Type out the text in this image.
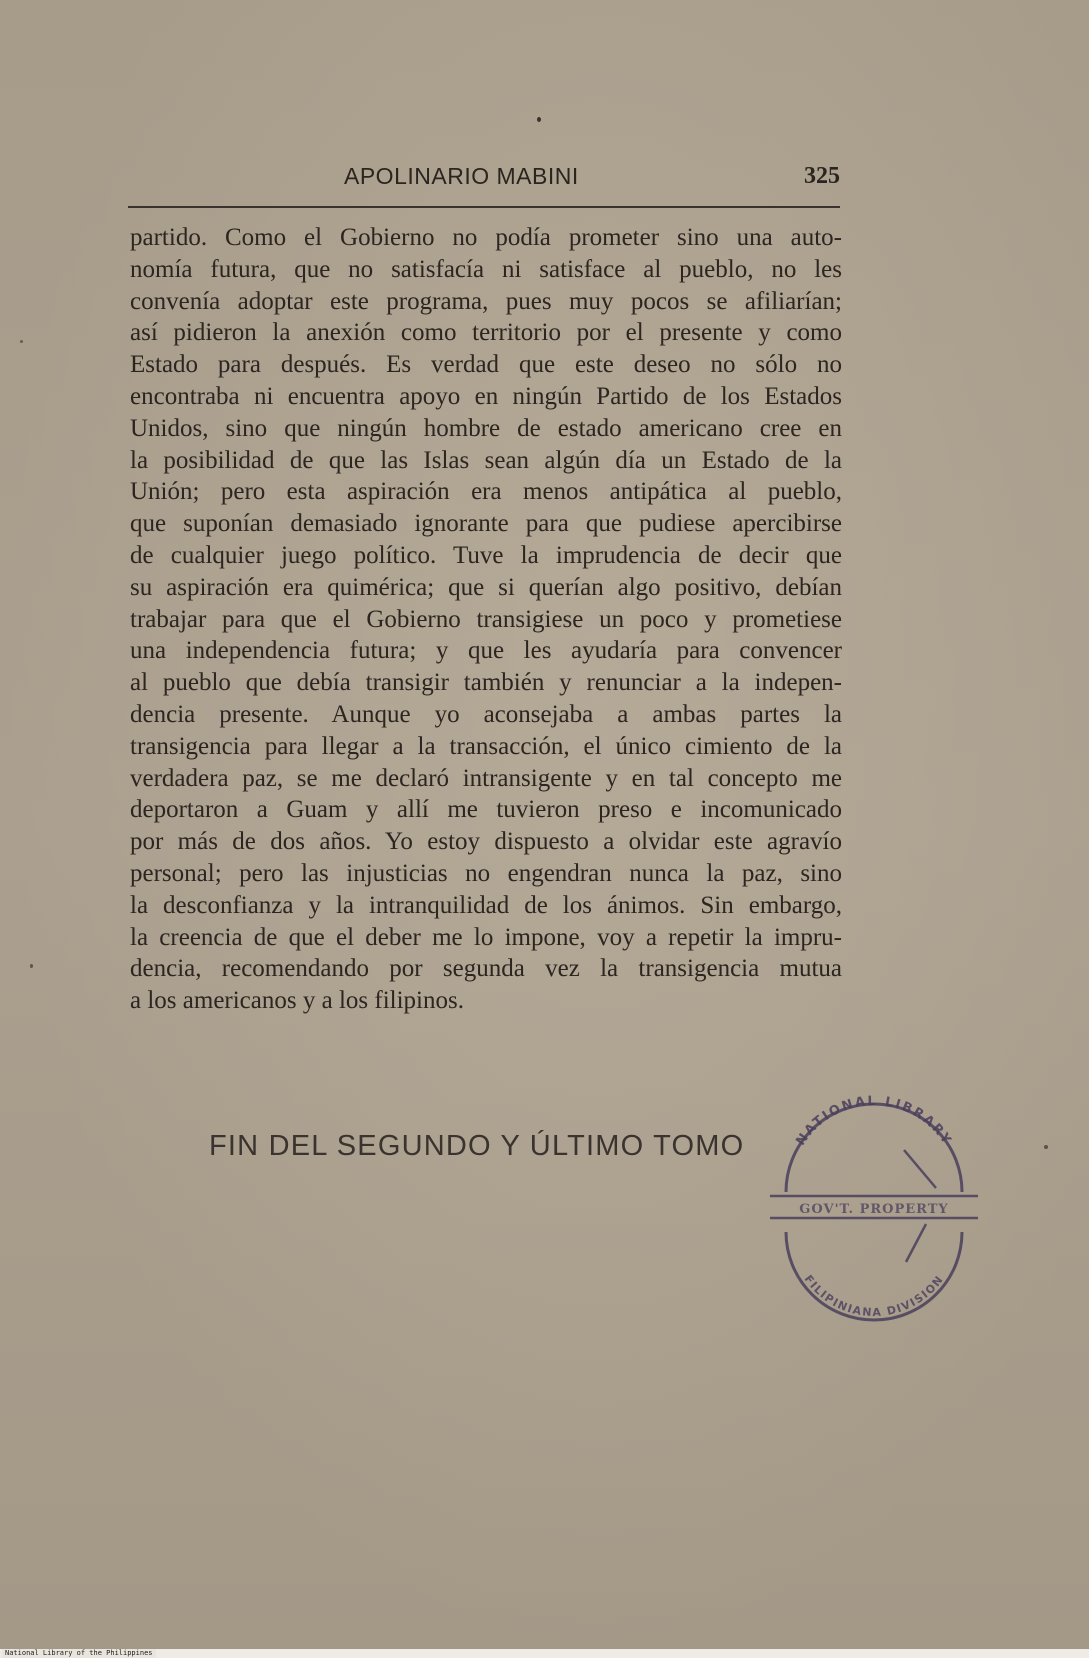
APOLINARIO MABINI	325
partido. Como el Gobierno no podía prometer sino una auto-
nomía futura, que no satisfacía ni satisface al pueblo, no les
convenía adoptar este programa, pues muy pocos se afiliarían;
así pidieron la anexión como territorio por el presente y como
Estado para después. Es verdad que este deseo no sólo no
encontraba ni encuentra apoyo en ningún Partido de los Estados
Unidos, sino que ningún hombre de estado americano cree en
la posibilidad de que las Islas sean algún día un Estado de la
Unión; pero esta aspiración era menos antipática al pueblo,
que suponían demasiado ignorante para que pudiese apercibirse
de cualquier juego político. Tuve la imprudencia de decir que
su aspiración era quimérica; que si querían algo positivo, debían
trabajar para que el Gobierno transigiese un poco y prometiese
una independencia futura; y que les ayudaría para convencer
al pueblo que debía transigir también y renunciar a la indepen-
dencia presente. Aunque yo aconsejaba a ambas partes la
transigencia para llegar a la transacción, el único cimiento de la
verdadera paz, se me declaró intransigente y en tal concepto me
deportaron a Guam y allí me tuvieron preso e incomunicado
por más de dos años. Yo estoy dispuesto a olvidar este agravío
personal; pero las injusticias no engendran nunca la paz, sino
la desconfianza y la intranquilidad de los ánimos. Sin embargo,
la creencia de que el deber me lo impone, voy a repetir la impru-
dencia, recomendando por segunda vez la transigencia mutua
a los americanos y a los filipinos.
FIN DEL SEGUNDO Y ÚLTIMO TOMO	NATIONAL LIBRARY
GOV'T. PROPERTY
FILIPINIANA DIVISION
National Library of the Philippines
